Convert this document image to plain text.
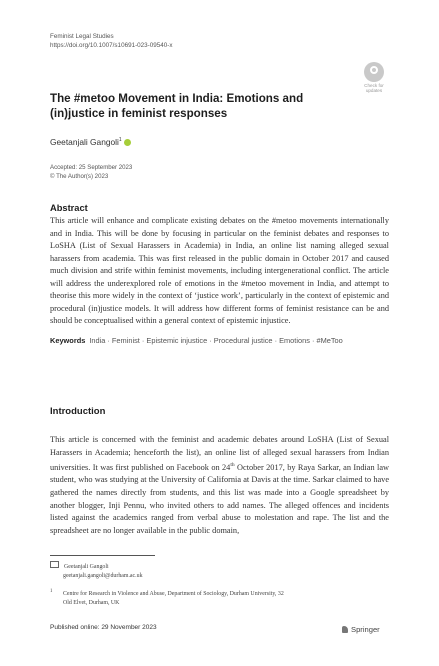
Feminist Legal Studies
https://doi.org/10.1007/s10691-023-09540-x
Check for
updates
The #metoo Movement in India: Emotions and (in)justice in feminist responses
Geetanjali Gangoli$^1$
Accepted: 25 September 2023
© The Author(s) 2023
Abstract
This article will enhance and complicate existing debates on the #metoo movements internationally and in India. This will be done by focusing in particular on the feminist debates and responses to LoSHA (List of Sexual Harassers in Academia) in India, an online list naming alleged sexual harassers from academia. This was first released in the public domain in October 2017 and caused much division and strife within feminist movements, including intergenerational conflict. The article will address the underexplored role of emotions in the #metoo movement in India, and attempt to theorise this more widely in the context of ‘justice work’, particularly in the context of epistemic and procedural (in)justice models. It will address how different forms of feminist resistance can be and should be conceptualised within a general context of epistemic injustice.
Keywords India · Feminist · Epistemic injustice · Procedural justice · Emotions · #MeToo
Introduction
This article is concerned with the feminist and academic debates around LoSHA (List of Sexual Harassers in Academia; henceforth the list), an online list of alleged sexual harassers from Indian universities. It was first published on Facebook on 24th October 2017, by Raya Sarkar, an Indian law student, who was studying at the University of California at Davis at the time. Sarkar claimed to have gathered the names directly from students, and this list was made into a Google spreadsheet by another blogger, Inji Pennu, who invited others to add names. The alleged offences and incidents listed against the academics ranged from verbal abuse to molestation and rape. The list and the spreadsheet are no longer available in the public domain,
Geetanjali Gangoli
geetanjali.gangoli@durham.ac.uk
1 Centre for Research in Violence and Abuse, Department of Sociology, Durham University, 32
Old Elvet, Durham, UK
Published online: 29 November 2023	Springer
